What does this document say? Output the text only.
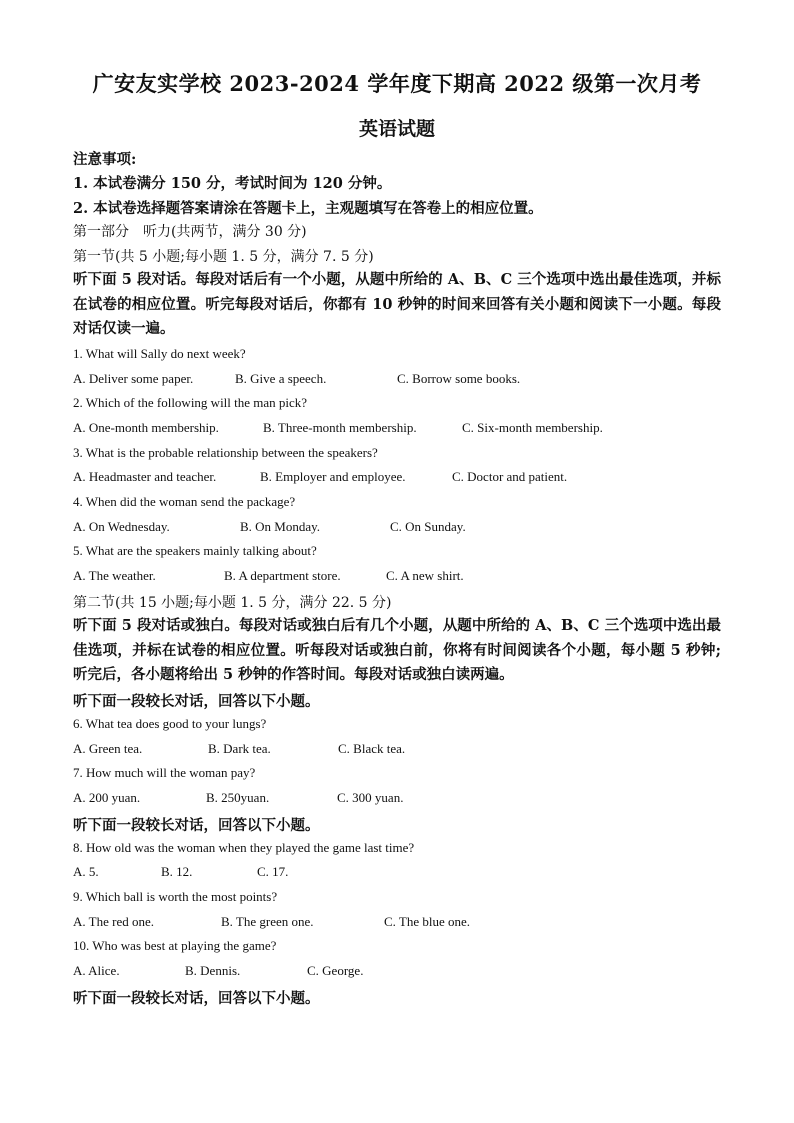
广安友实学校 2023-2024 学年度下期高 2022 级第一次月考
英语试题
注意事项:
1. 本试卷满分 150 分，考试时间为 120 分钟。
2. 本试卷选择题答案请涂在答题卡上，主观题填写在答卷上的相应位置。
第一部分　听力(共两节，满分 30 分)
第一节(共 5 小题;每小题 1. 5 分，满分 7. 5 分)
听下面 5 段对话。每段对话后有一个小题，从题中所给的 A、B、C 三个选项中选出最佳选项，并标在试卷的相应位置。听完每段对话后，你都有 10 秒钟的时间来回答有关小题和阅读下一小题。每段对话仅读一遍。
1. What will Sally do next week?
A. Deliver some paper.	B. Give a speech.	C. Borrow some books.
2. Which of the following will the man pick?
A. One-month membership.	B. Three-month membership.	C. Six-month membership.
3. What is the probable relationship between the speakers?
A. Headmaster and teacher.	B. Employer and employee.	C. Doctor and patient.
4. When did the woman send the package?
A. On Wednesday.	B. On Monday.	C. On Sunday.
5. What are the speakers mainly talking about?
A. The weather.	B. A department store.	C. A new shirt.
第二节(共 15 小题;每小题 1. 5 分，满分 22. 5 分)
听下面 5 段对话或独白。每段对话或独白后有几个小题，从题中所给的 A、B、C 三个选项中选出最佳选项，并标在试卷的相应位置。听每段对话或独白前，你将有时间阅读各个小题，每小题 5 秒钟;听完后，各小题将给出 5 秒钟的作答时间。每段对话或独白读两遍。
听下面一段较长对话，回答以下小题。
6. What tea does good to your lungs?
A. Green tea.	B. Dark tea.	C. Black tea.
7. How much will the woman pay?
A. 200 yuan.	B. 250yuan.	C. 300 yuan.
听下面一段较长对话，回答以下小题。
8. How old was the woman when they played the game last time?
A. 5.	B. 12.	C. 17.
9. Which ball is worth the most points?
A. The red one.	B. The green one.	C. The blue one.
10. Who was best at playing the game?
A. Alice.	B. Dennis.	C. George.
听下面一段较长对话，回答以下小题。
